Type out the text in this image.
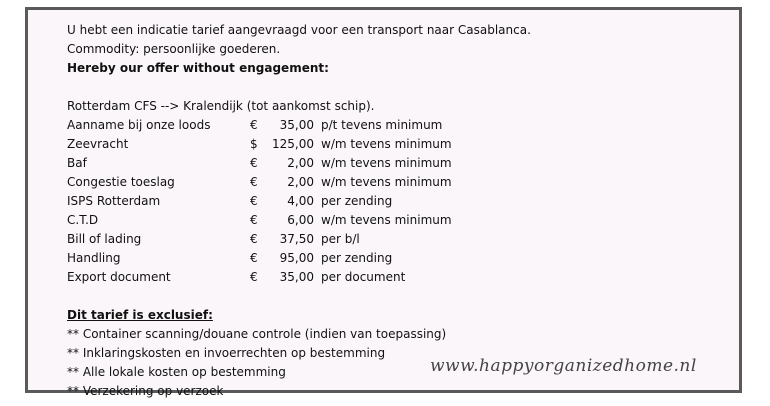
U hebt een indicatie tarief aangevraagd voor een transport naar Casablanca.
Commodity: persoonlijke goederen.
Hereby our offer without engagement:
Rotterdam CFS --> Kralendijk (tot aankomst schip).
Aanname bij onze loods	€	35,00 p/t tevens minimum
Zeevracht	$	125,00 w/m tevens minimum
Baf	€	2,00 w/m tevens minimum
Congestie toeslag	€	2,00 w/m tevens minimum
ISPS Rotterdam	€	4,00 per zending
C.T.D	€	6,00 w/m tevens minimum
Bill of lading	€	37,50 per b/l
Handling	€	95,00 per zending
Export document	€	35,00 per document
Dit tarief is exclusief:
** Container scanning/douane controle (indien van toepassing)
** Inklaringskosten en invoerrechten op bestemming
** Alle lokale kosten op bestemming
** Verzekering op verzoek
www.happyorganizedhome.nl
